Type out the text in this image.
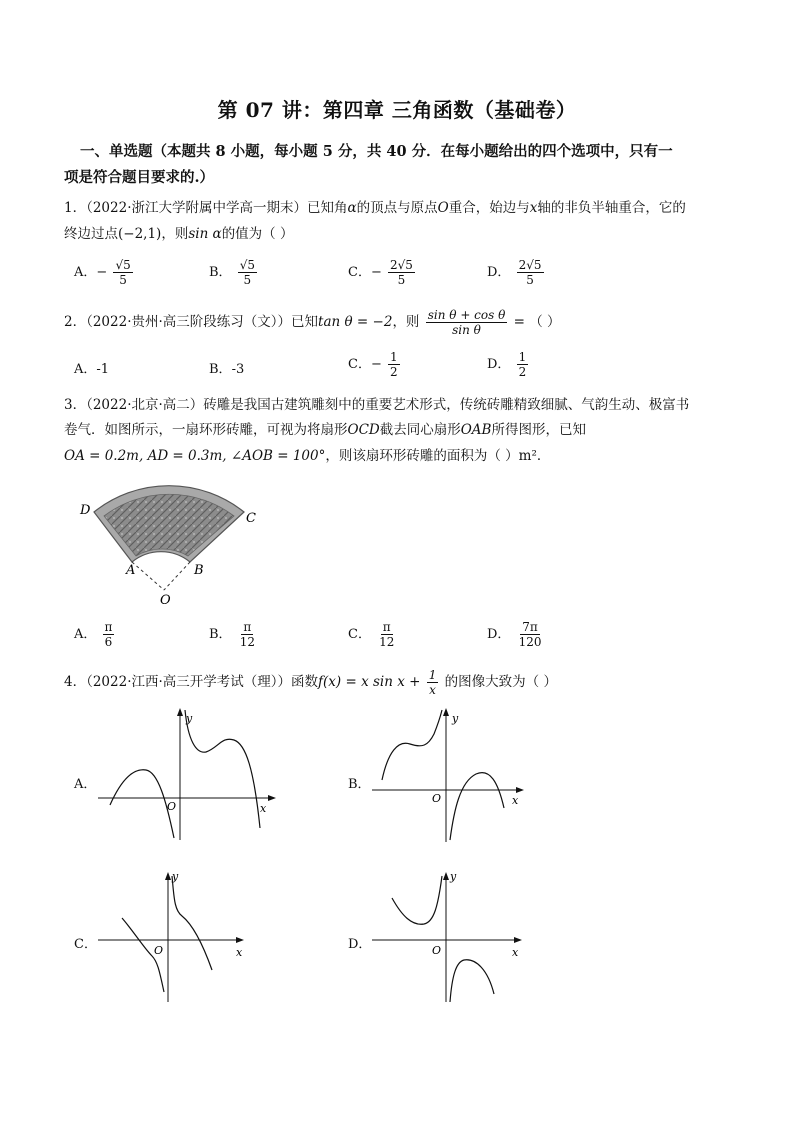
第 07 讲：第四章 三角函数（基础卷）
一、单选题（本题共 8 小题，每小题 5 分，共 40 分．在每小题给出的四个选项中，只有一
项是符合题目要求的.）
1．（2022·浙江大学附属中学高一期末）已知角α的顶点与原点O重合，始边与x轴的非负半轴重合，它的
终边过点(−2,1)，则sin α的值为（ ）
A．− $\frac{√5}{5}$	B． $\frac{√5}{5}$	C．− $\frac{2√5}{5}$	D． $\frac{2√5}{5}$
2．（2022·贵州·高三阶段练习（文））已知tan θ = −2，则 $\frac{\text{sin θ + cos θ}}{\text{sin θ}}$ = （ ）
A．-1	B．-3	C．− $\frac{1}{2}$	D． $\frac{1}{2}$
3．（2022·北京·高二）砖雕是我国古建筑雕刻中的重要艺术形式，传统砖雕精致细腻、气韵生动、极富书
卷气．如图所示，一扇环形砖雕，可视为将扇形OCD截去同心扇形OAB所得图形，已知
OA = 0.2m, AD = 0.3m, ∠AOB = 100°，则该扇环形砖雕的面积为（ ）m²．
D
C
A	B
O
A． $\frac{\pi}{6}$	B． $\frac{\pi}{12}$	C． $\frac{\pi}{12}$	D． $\frac{7\pi}{120}$
4．（2022·江西·高三开学考试（理））函数f(x) = x $\sin x + \frac{1}{x}$ 的图像大致为（ ）
A．
x
y
O
B．
x
y
O
C．
x
y
O	D．
x
y
O
